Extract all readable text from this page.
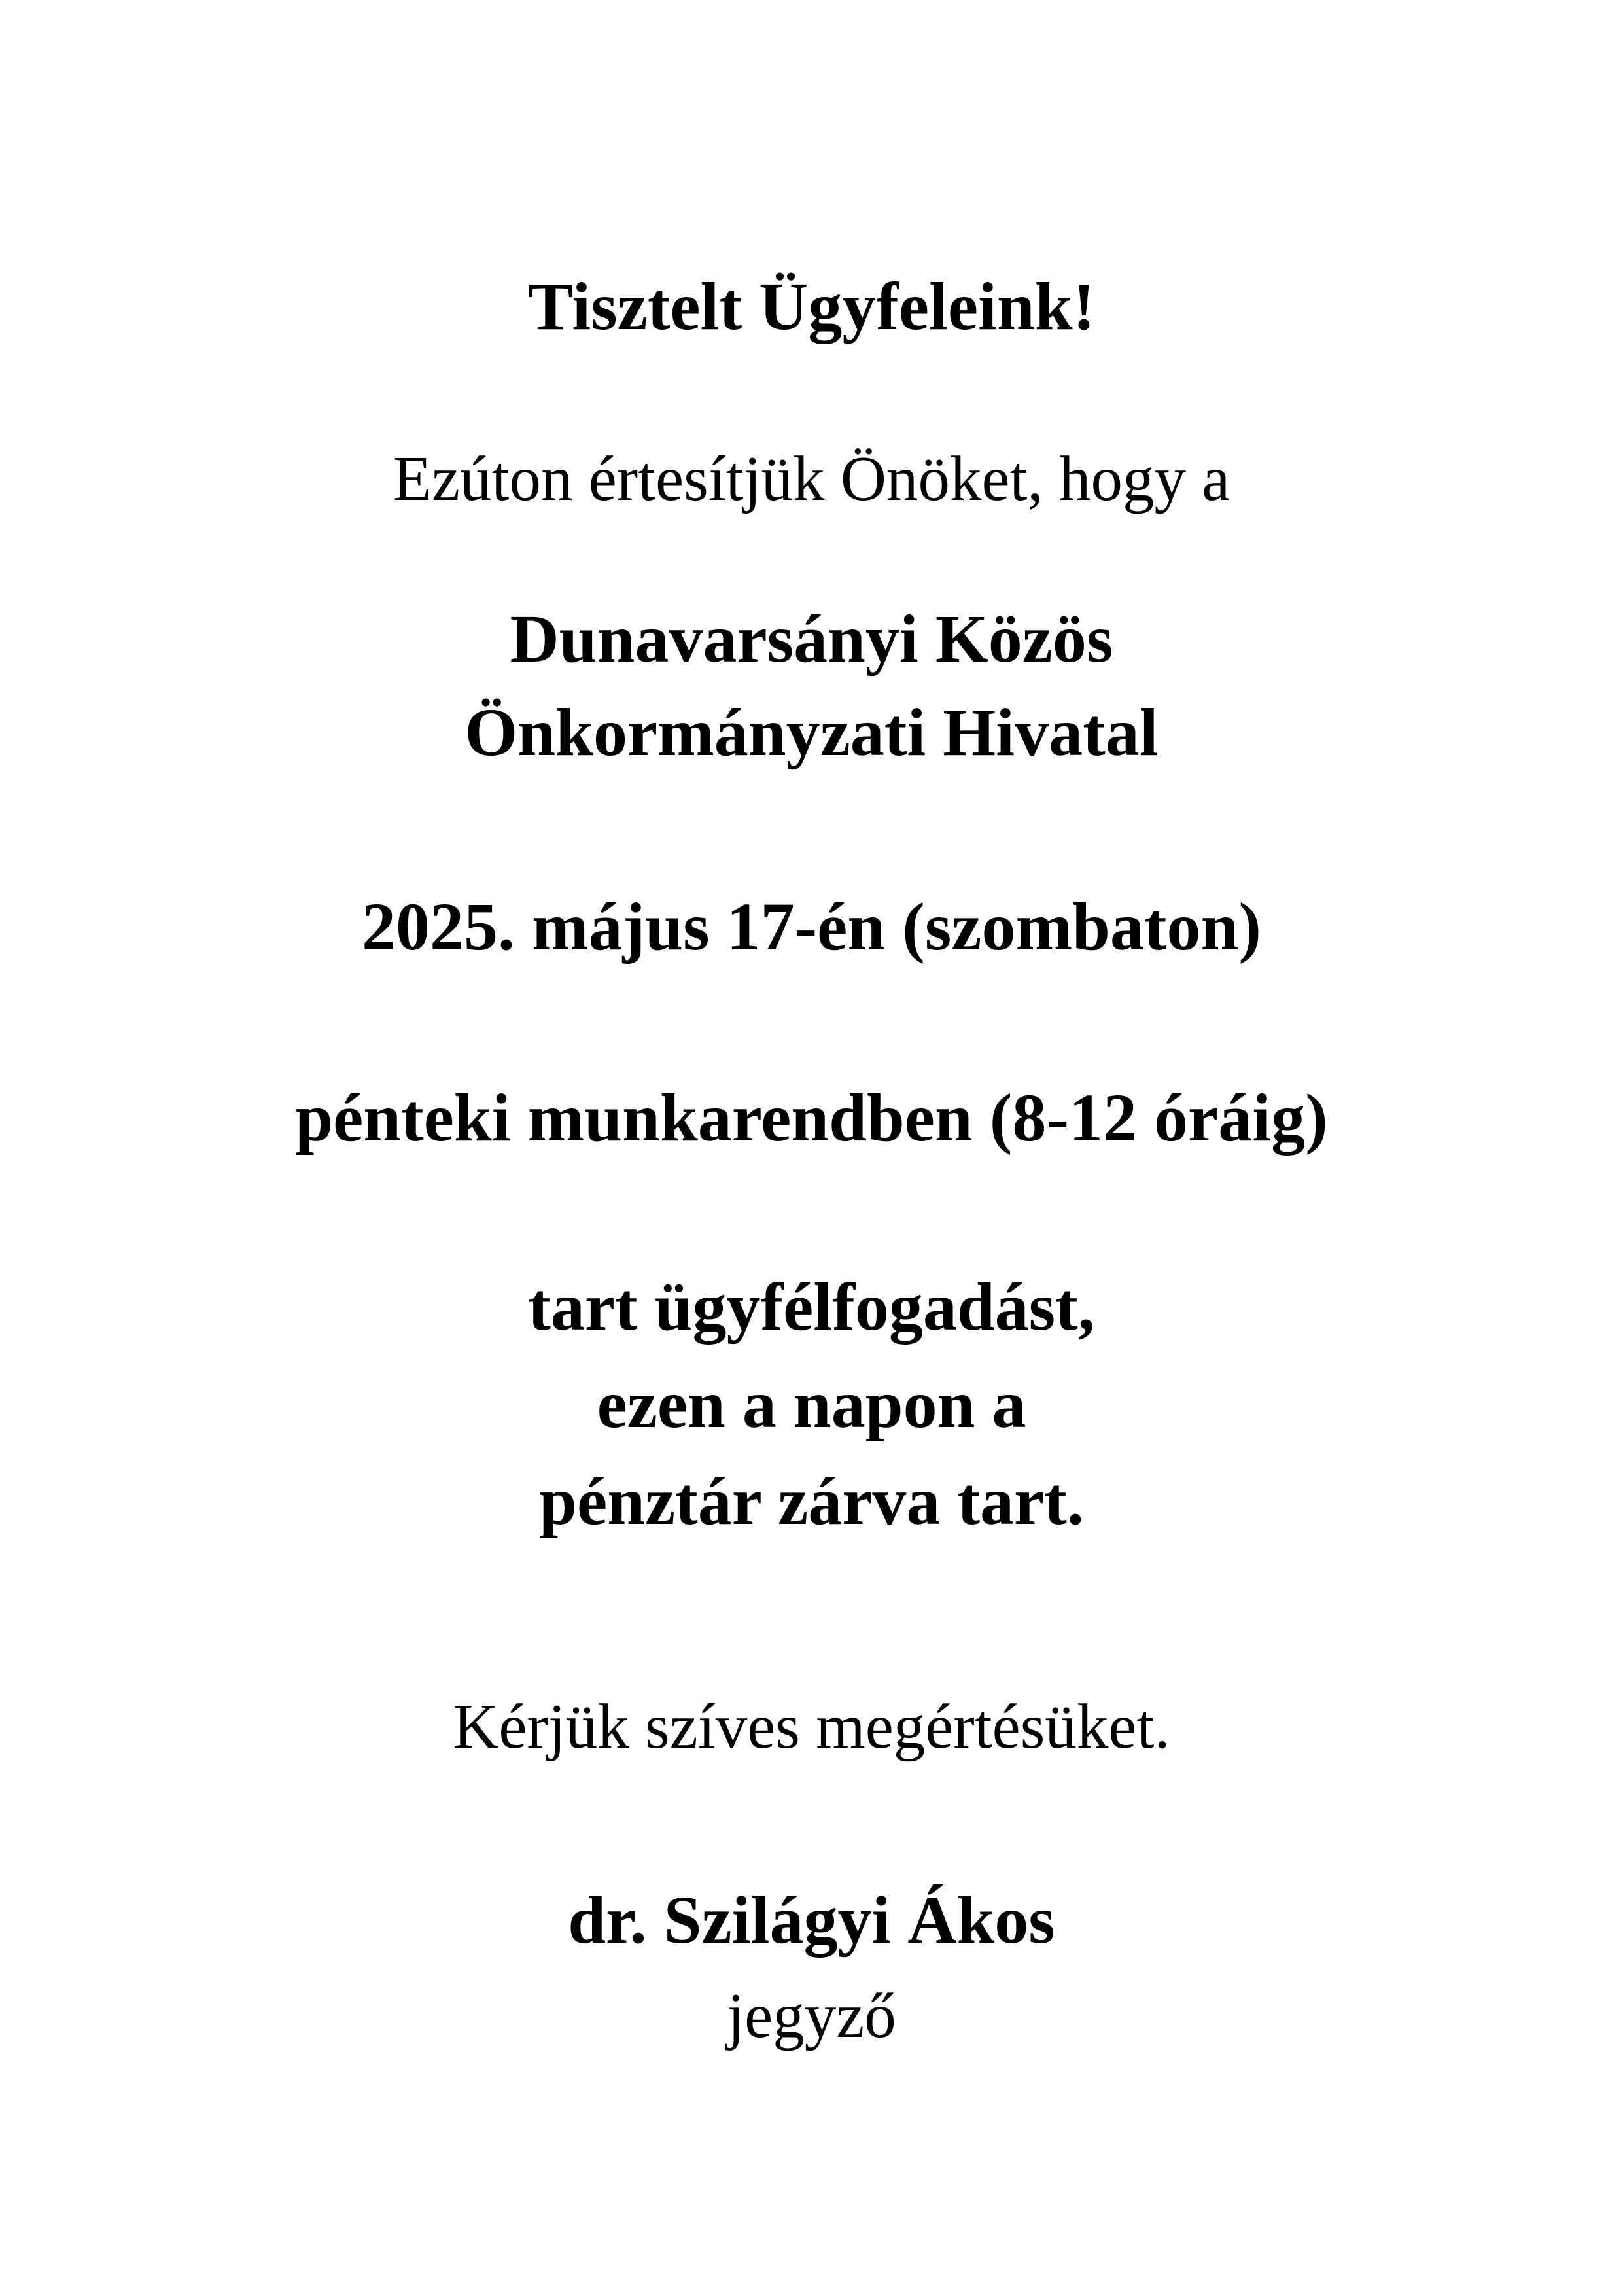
Tisztelt Ügyfeleink!
Ezúton értesítjük Önöket, hogy a
Dunavarsányi Közös
Önkormányzati Hivatal
2025. május 17-én (szombaton)
pénteki munkarendben (8-12 óráig)
tart ügyfélfogadást,
ezen a napon a
pénztár zárva tart.
Kérjük szíves megértésüket.
dr. Szilágyi Ákos
jegyző
